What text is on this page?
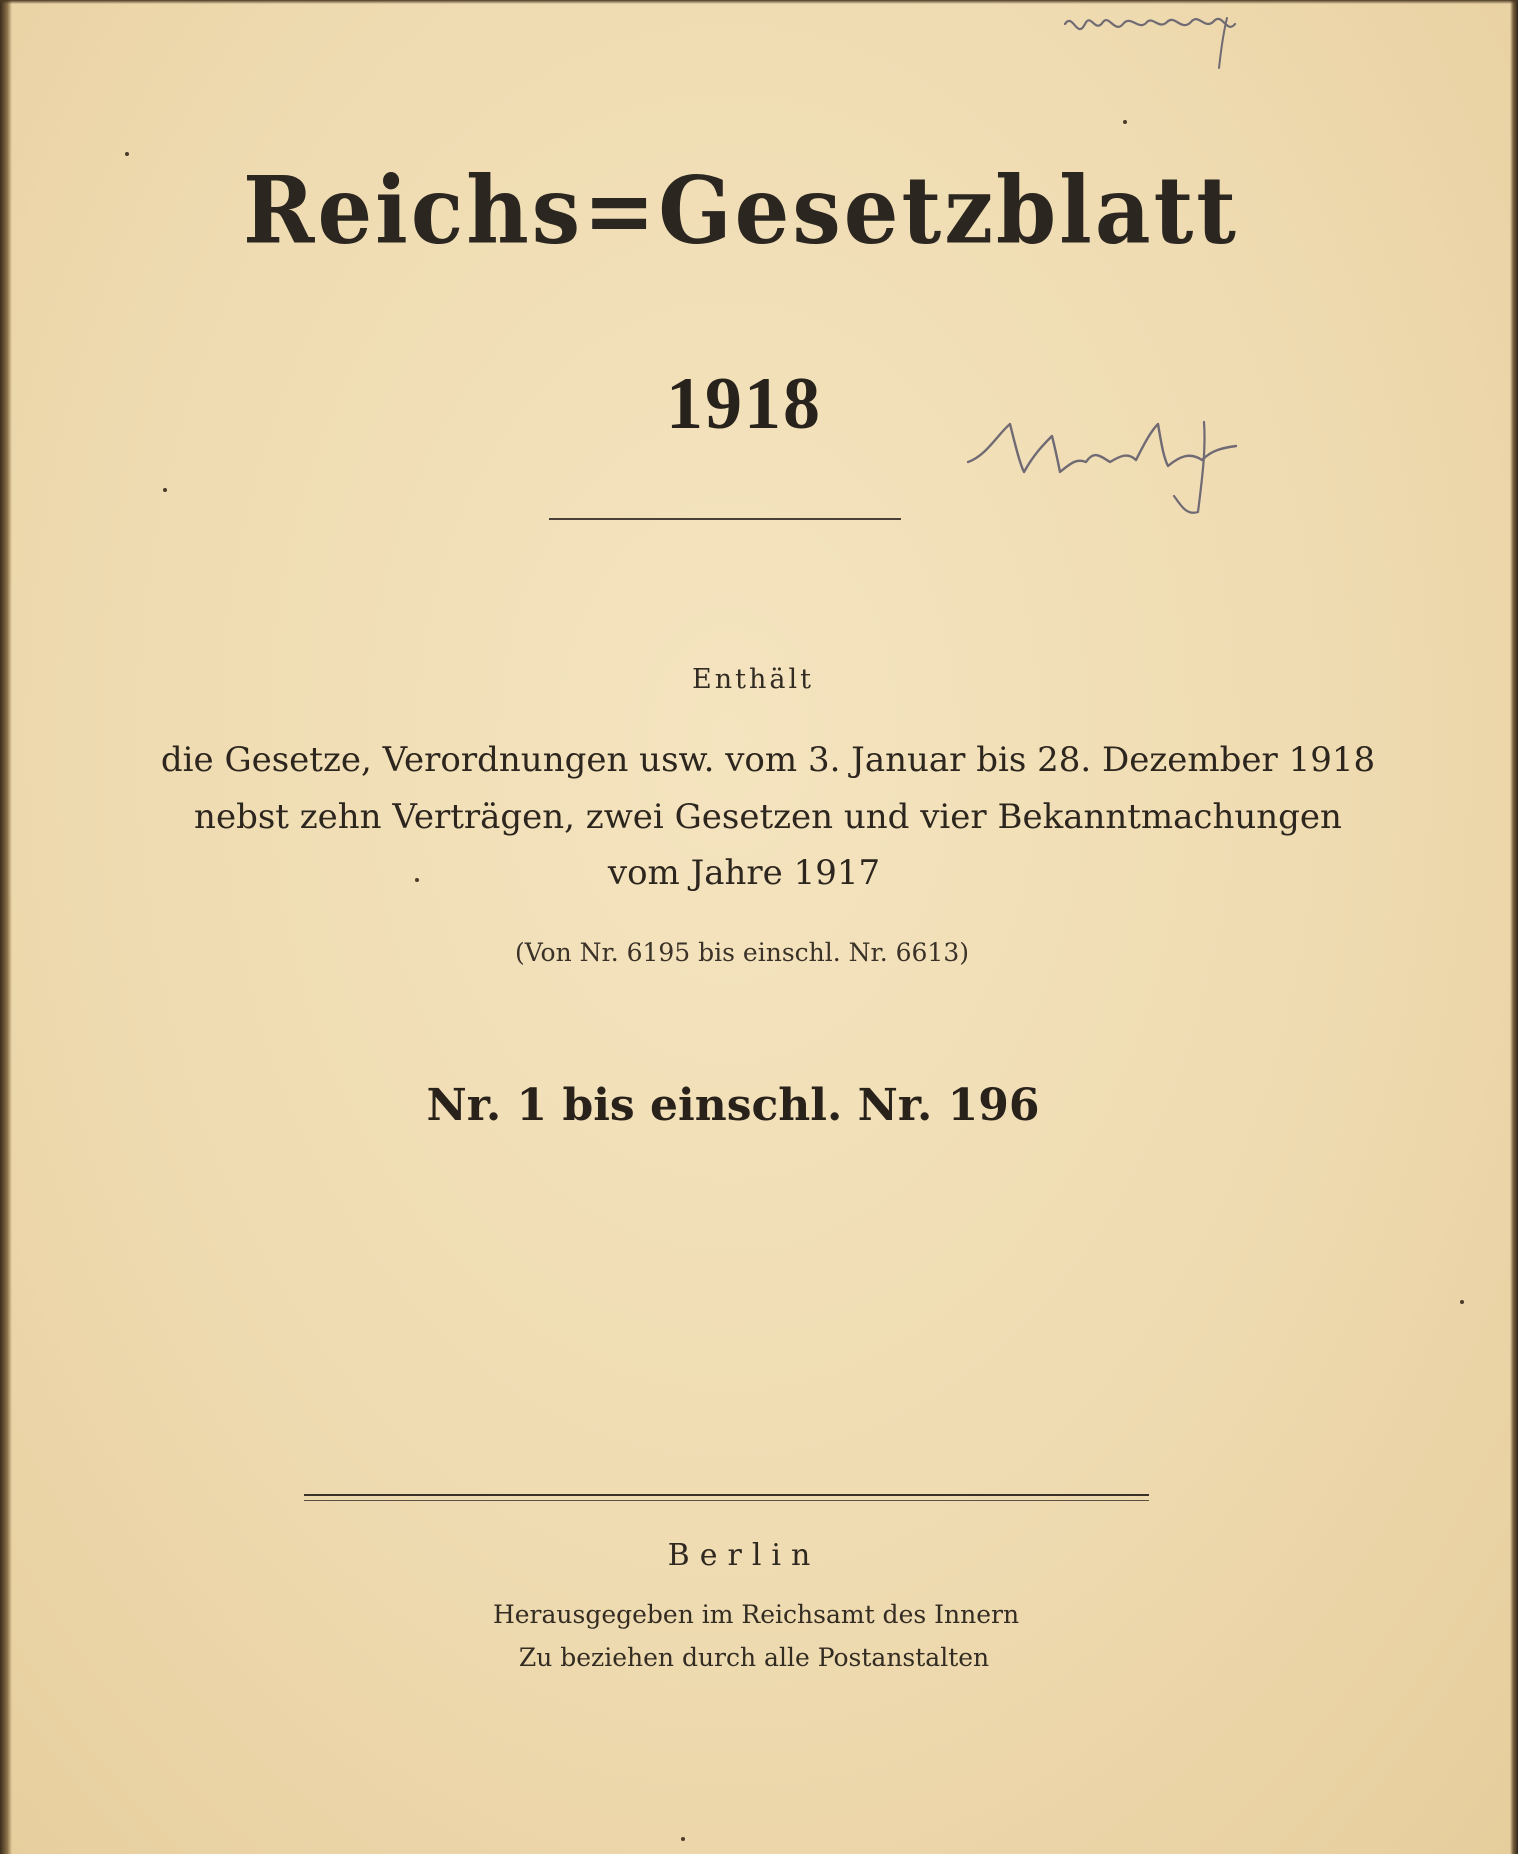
Reichs=Gesetzblatt
1918
Enthält
die Gesetze, Verordnungen usw. vom 3. Januar bis 28. Dezember 1918
nebst zehn Verträgen, zwei Gesetzen und vier Bekanntmachungen
vom Jahre 1917
(Von Nr. 6195 bis einschl. Nr. 6613)
Nr. 1 bis einschl. Nr. 196
Berlin
Herausgegeben im Reichsamt des Innern
Zu beziehen durch alle Postanstalten
